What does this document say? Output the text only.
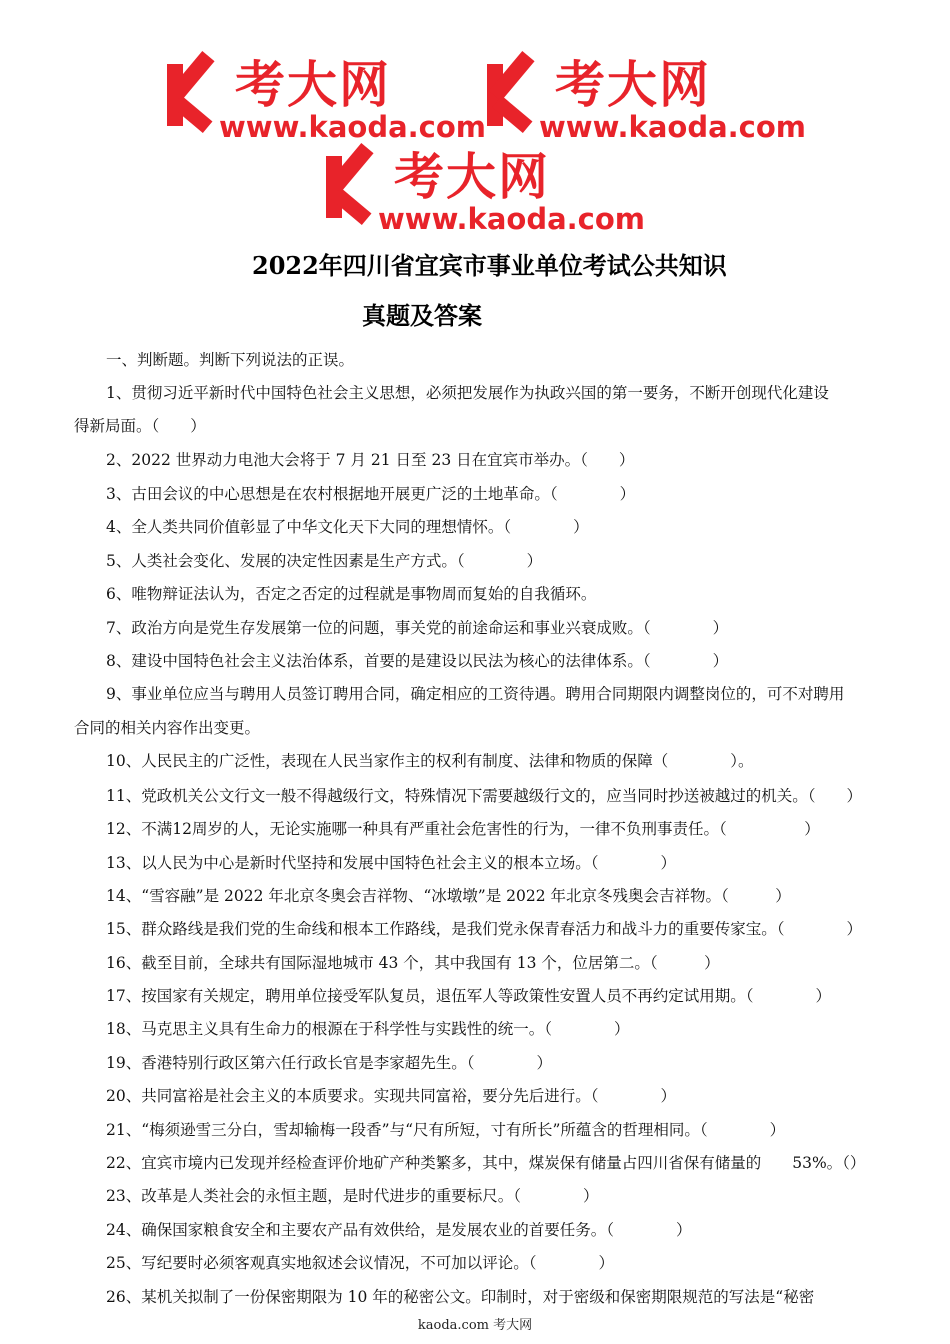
考大网
www.kaoda.com
考大网
www.kaoda.com
考大网
www.kaoda.com
2022年四川省宜宾市事业单位考试公共知识
真题及答案
一、判断题。判断下列说法的正误。
1、贯彻习近平新时代中国特色社会主义思想，必须把发展作为执政兴国的第一要务，不断开创现代化建设
得新局面。（　　）
2、2022 世界动力电池大会将于 7 月 21 日至 23 日在宜宾市举办。（　　）
3、古田会议的中心思想是在农村根据地开展更广泛的土地革命。（　　　　）
4、全人类共同价值彰显了中华文化天下大同的理想情怀。（　　　　）
5、人类社会变化、发展的决定性因素是生产方式。（　　　　）
6、唯物辩证法认为，否定之否定的过程就是事物周而复始的自我循环。
7、政治方向是党生存发展第一位的问题，事关党的前途命运和事业兴衰成败。（　　　　）
8、建设中国特色社会主义法治体系，首要的是建设以民法为核心的法律体系。（　　　　）
9、事业单位应当与聘用人员签订聘用合同，确定相应的工资待遇。聘用合同期限内调整岗位的，可不对聘用
合同的相关内容作出变更。
10、人民民主的广泛性，表现在人民当家作主的权利有制度、法律和物质的保障（　　　　）。
11、党政机关公文行文一般不得越级行文，特殊情况下需要越级行文的，应当同时抄送被越过的机关。（　　）
12、不满12周岁的人，无论实施哪一种具有严重社会危害性的行为，一律不负刑事责任。（　　　　　）
13、以人民为中心是新时代坚持和发展中国特色社会主义的根本立场。（　　　　）
14、“雪容融”是 2022 年北京冬奥会吉祥物、“冰墩墩”是 2022 年北京冬残奥会吉祥物。（　　　）
15、群众路线是我们党的生命线和根本工作路线，是我们党永保青春活力和战斗力的重要传家宝。（　　　　）
16、截至目前，全球共有国际湿地城市 43 个，其中我国有 13 个，位居第二。（　　　）
17、按国家有关规定，聘用单位接受军队复员，退伍军人等政策性安置人员不再约定试用期。（　　　　）
18、马克思主义具有生命力的根源在于科学性与实践性的统一。（　　　　）
19、香港特别行政区第六任行政长官是李家超先生。（　　　　）
20、共同富裕是社会主义的本质要求。实现共同富裕，要分先后进行。（　　　　）
21、“梅须逊雪三分白，雪却输梅一段香”与“尺有所短，寸有所长”所蕴含的哲理相同。（　　　　）
22、宜宾市境内已发现并经检查评价地矿产种类繁多，其中，煤炭保有储量占四川省保有储量的　　53%。（）
23、改革是人类社会的永恒主题，是时代进步的重要标尺。（　　　　）
24、确保国家粮食安全和主要农产品有效供给，是发展农业的首要任务。（　　　　）
25、写纪要时必须客观真实地叙述会议情况，不可加以评论。（　　　　）
26、某机关拟制了一份保密期限为 10 年的秘密公文。印制时，对于密级和保密期限规范的写法是“秘密
kaoda.com 考大网
